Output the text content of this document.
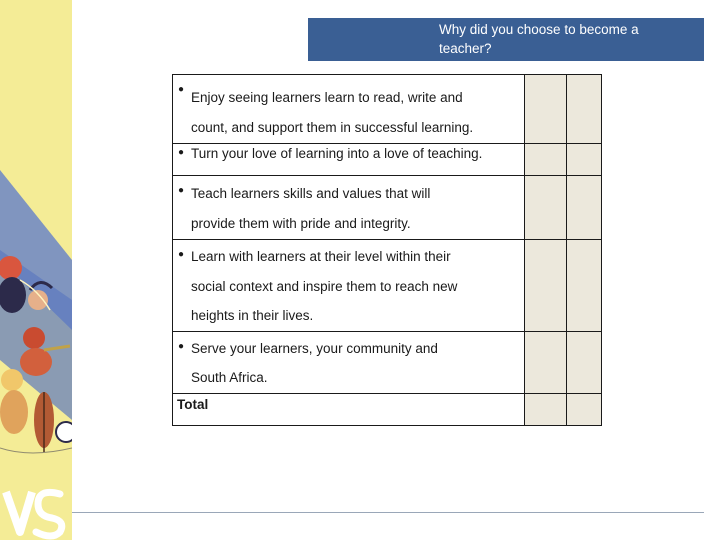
Why did you choose to become a teacher?
●
Enjoy seeing learners learn to read, write and
count, and support them in successful learning.		

● Turn your love of learning into a love of teaching.		

● Teach learners skills and values that will
provide them with pride and integrity.		

● Learn with learners at their level within their
social context and inspire them to reach new
heights in their lives.		

● Serve your learners, your community and
South Africa.		

Total		
